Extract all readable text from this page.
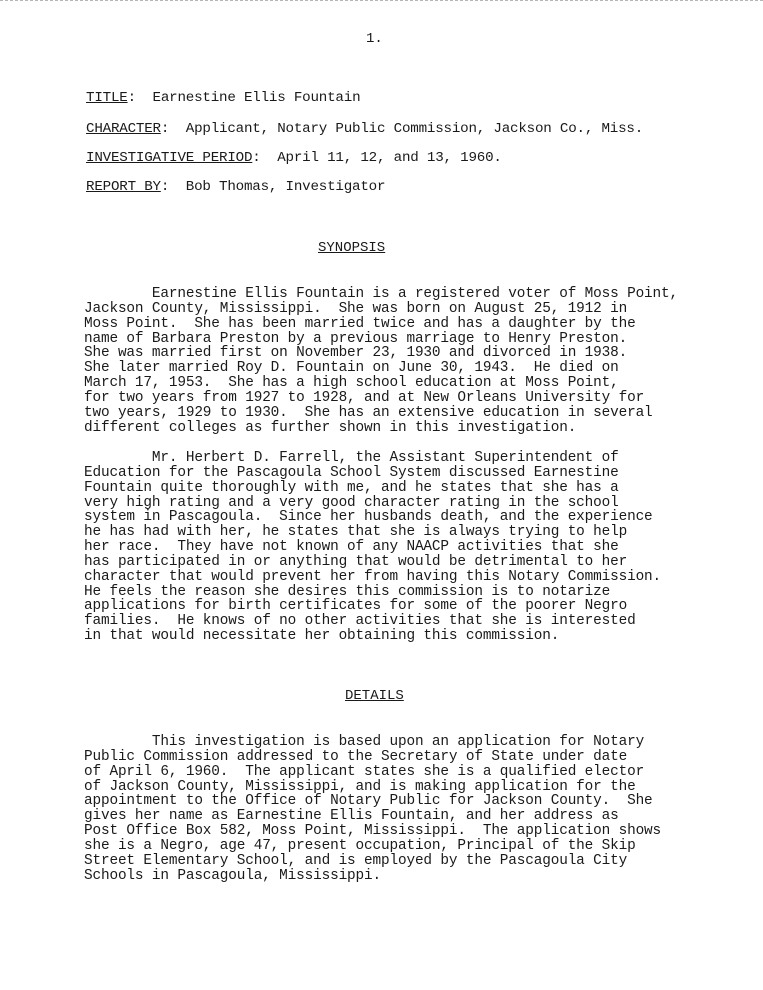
1.
TITLE:  Earnestine Ellis Fountain
CHARACTER:  Applicant, Notary Public Commission, Jackson Co., Miss.
INVESTIGATIVE PERIOD:  April 11, 12, and 13, 1960.
REPORT BY:  Bob Thomas, Investigator
SYNOPSIS

Earnestine Ellis Fountain is a registered voter of Moss Point,
Jackson County, Mississippi.  She was born on August 25, 1912 in
Moss Point.  She has been married twice and has a daughter by the
name of Barbara Preston by a previous marriage to Henry Preston.
She was married first on November 23, 1930 and divorced in 1938.
She later married Roy D. Fountain on June 30, 1943.  He died on
March 17, 1953.  She has a high school education at Moss Point,
for two years from 1927 to 1928, and at New Orleans University for
two years, 1929 to 1930.  She has an extensive education in several
different colleges as further shown in this investigation.

Mr. Herbert D. Farrell, the Assistant Superintendent of
Education for the Pascagoula School System discussed Earnestine
Fountain quite thoroughly with me, and he states that she has a
very high rating and a very good character rating in the school
system in Pascagoula.  Since her husbands death, and the experience
he has had with her, he states that she is always trying to help
her race.  They have not known of any NAACP activities that she
has participated in or anything that would be detrimental to her
character that would prevent her from having this Notary Commission.
He feels the reason she desires this commission is to notarize
applications for birth certificates for some of the poorer Negro
families.  He knows of no other activities that she is interested
in that would necessitate her obtaining this commission.

DETAILS

This investigation is based upon an application for Notary
Public Commission addressed to the Secretary of State under date
of April 6, 1960.  The applicant states she is a qualified elector
of Jackson County, Mississippi, and is making application for the
appointment to the Office of Notary Public for Jackson County.  She
gives her name as Earnestine Ellis Fountain, and her address as
Post Office Box 582, Moss Point, Mississippi.  The application shows
she is a Negro, age 47, present occupation, Principal of the Skip
Street Elementary School, and is employed by the Pascagoula City
Schools in Pascagoula, Mississippi.
